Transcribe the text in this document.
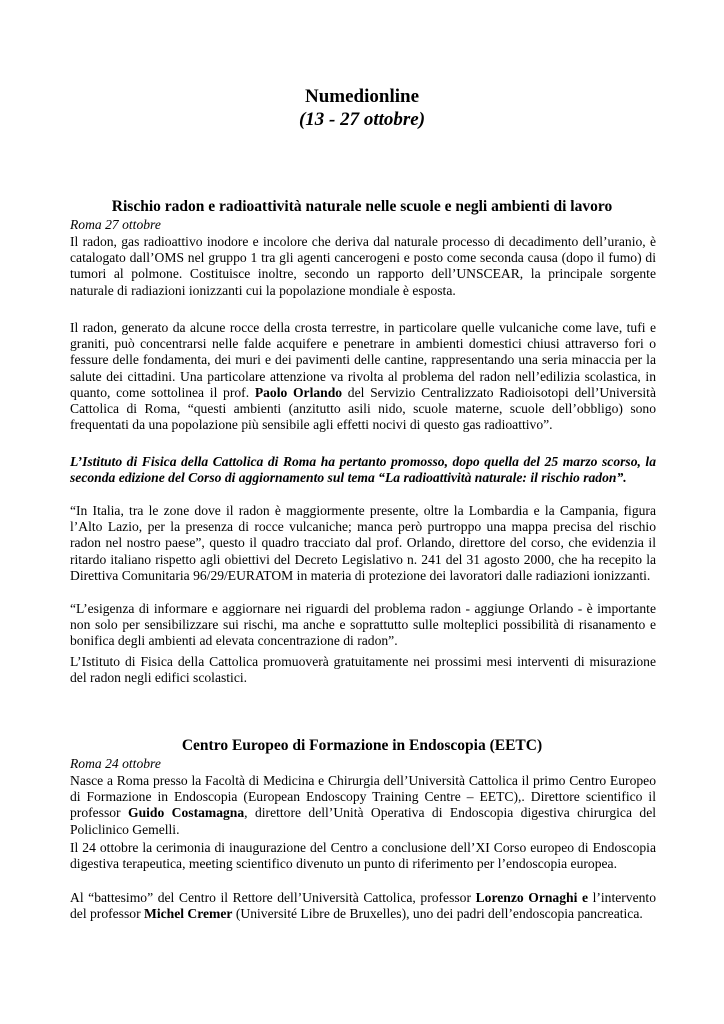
Numedionline
(13 - 27 ottobre)
Rischio radon e radioattività naturale nelle scuole e negli ambienti di lavoro
Roma 27 ottobre

Il radon, gas radioattivo inodore e incolore che deriva dal naturale processo di decadimento dell’uranio, è catalogato dall’OMS nel gruppo 1 tra gli agenti cancerogeni e posto come seconda causa (dopo il fumo) di tumori al polmone. Costituisce inoltre, secondo un rapporto dell’UNSCEAR, la principale sorgente naturale di radiazioni ionizzanti cui la popolazione mondiale è esposta.

Il radon, generato da alcune rocce della crosta terrestre, in particolare quelle vulcaniche come lave, tufi e graniti, può concentrarsi nelle falde acquifere e penetrare in ambienti domestici chiusi attraverso fori o fessure delle fondamenta, dei muri e dei pavimenti delle cantine, rappresentando una seria minaccia per la salute dei cittadini. Una particolare attenzione va rivolta al problema del radon nell’edilizia scolastica, in quanto, come sottolinea il prof. Paolo Orlando del Servizio Centralizzato Radioisotopi dell’Università Cattolica di Roma, “questi ambienti (anzitutto asili nido, scuole materne, scuole dell’obbligo) sono frequentati da una popolazione più sensibile agli effetti nocivi di questo gas radioattivo”.

L’Istituto di Fisica della Cattolica di Roma ha pertanto promosso, dopo quella del 25 marzo scorso, la seconda edizione del Corso di aggiornamento sul tema “La radioattività naturale: il rischio radon”.

“In Italia, tra le zone dove il radon è maggiormente presente, oltre la Lombardia e la Campania, figura l’Alto Lazio, per la presenza di rocce vulcaniche; manca però purtroppo una mappa precisa del rischio radon nel nostro paese”, questo il quadro tracciato dal prof. Orlando, direttore del corso, che evidenzia il ritardo italiano rispetto agli obiettivi del Decreto Legislativo n. 241 del 31 agosto 2000, che ha recepito la Direttiva Comunitaria 96/29/EURATOM in materia di protezione dei lavoratori dalle radiazioni ionizzanti.

“L’esigenza di informare e aggiornare nei riguardi del problema radon - aggiunge Orlando - è importante non solo per sensibilizzare sui rischi, ma anche e soprattutto sulle molteplici possibilità di risanamento e bonifica degli ambienti ad elevata concentrazione di radon”.

L’Istituto di Fisica della Cattolica promuoverà gratuitamente nei prossimi mesi interventi di misurazione del radon negli edifici scolastici.

Centro Europeo di Formazione in Endoscopia (EETC)
Roma 24 ottobre

Nasce a Roma presso la Facoltà di Medicina e Chirurgia dell’Università Cattolica il primo Centro Europeo di Formazione in Endoscopia (European Endoscopy Training Centre – EETC),. Direttore scientifico il professor Guido Costamagna, direttore dell’Unità Operativa di Endoscopia digestiva chirurgica del Policlinico Gemelli.

Il 24 ottobre la cerimonia di inaugurazione del Centro a conclusione dell’XI Corso europeo di Endoscopia digestiva terapeutica, meeting scientifico divenuto un punto di riferimento per l’endoscopia europea.

Al “battesimo” del Centro il Rettore dell’Università Cattolica, professor Lorenzo Ornaghi e l’intervento del professor Michel Cremer (Université Libre de Bruxelles), uno dei padri dell’endoscopia pancreatica.
